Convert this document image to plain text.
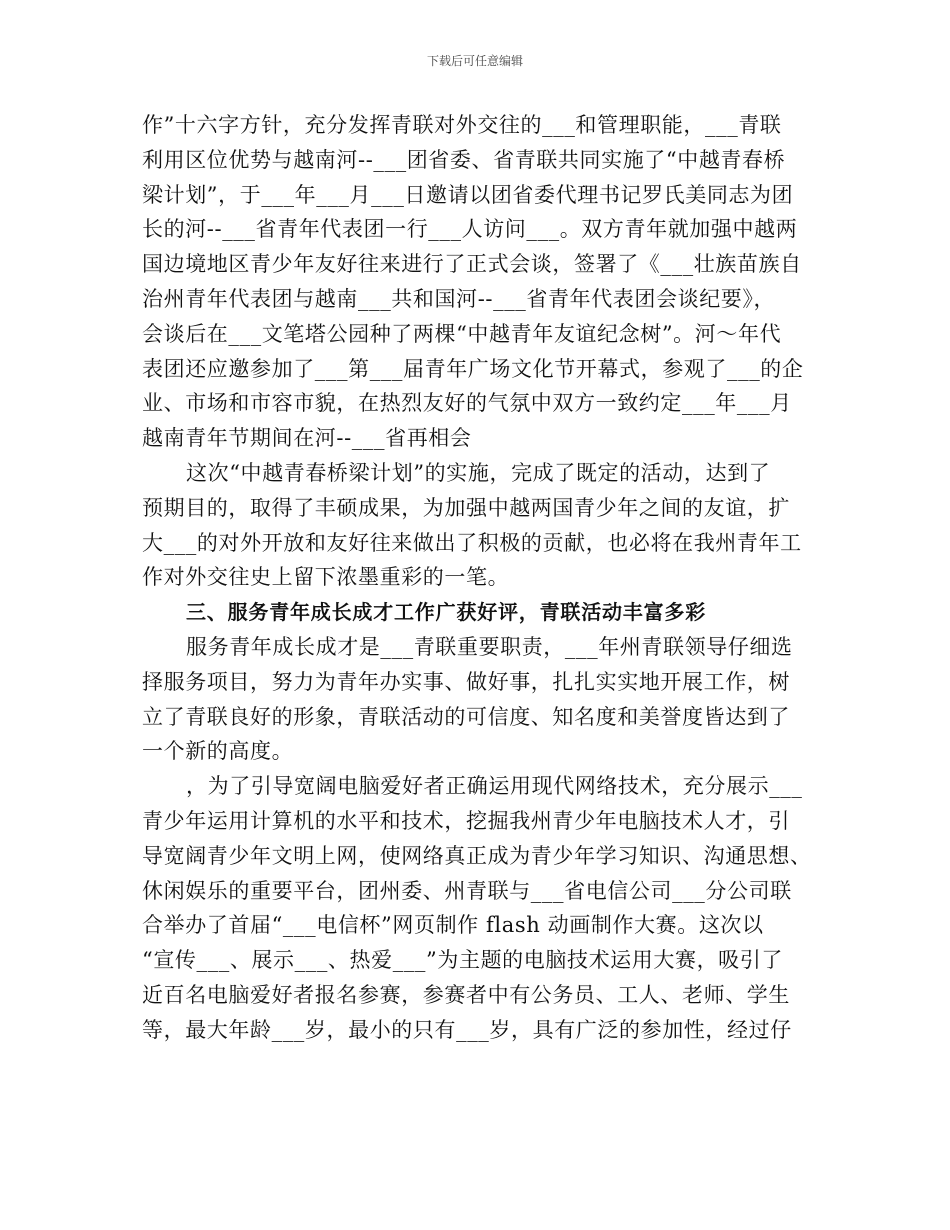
下载后可任意编辑
作”十六字方针，充分发挥青联对外交往的___和管理职能，___青联
利用区位优势与越南河--___团省委、省青联共同实施了“中越青春桥
梁计划”，于___年___月___日邀请以团省委代理书记罗氏美同志为团
长的河--___省青年代表团一行___人访问___。双方青年就加强中越两
国边境地区青少年友好往来进行了正式会谈，签署了《___壮族苗族自
治州青年代表团与越南___共和国河--___省青年代表团会谈纪要》，
会谈后在___文笔塔公园种了两棵“中越青年友谊纪念树”。河～年代
表团还应邀参加了___第___届青年广场文化节开幕式，参观了___的企
业、市场和市容市貌，在热烈友好的气氛中双方一致约定___年___月
越南青年节期间在河--___省再相会
这次“中越青春桥梁计划”的实施，完成了既定的活动，达到了
预期目的，取得了丰硕成果，为加强中越两国青少年之间的友谊，扩
大___的对外开放和友好往来做出了积极的贡献，也必将在我州青年工
作对外交往史上留下浓墨重彩的一笔。
三、服务青年成长成才工作广获好评，青联活动丰富多彩
服务青年成长成才是___青联重要职责，___年州青联领导仔细选
择服务项目，努力为青年办实事、做好事，扎扎实实地开展工作，树
立了青联良好的形象，青联活动的可信度、知名度和美誉度皆达到了
一个新的高度。
，为了引导宽阔电脑爱好者正确运用现代网络技术，充分展示___
青少年运用计算机的水平和技术，挖掘我州青少年电脑技术人才，引
导宽阔青少年文明上网，使网络真正成为青少年学习知识、沟通思想、
休闲娱乐的重要平台，团州委、州青联与___省电信公司___分公司联
合举办了首届“___电信杯”网页制作 flash 动画制作大赛。这次以
“宣传___、展示___、热爱___”为主题的电脑技术运用大赛，吸引了
近百名电脑爱好者报名参赛，参赛者中有公务员、工人、老师、学生
等，最大年龄___岁，最小的只有___岁，具有广泛的参加性，经过仔
